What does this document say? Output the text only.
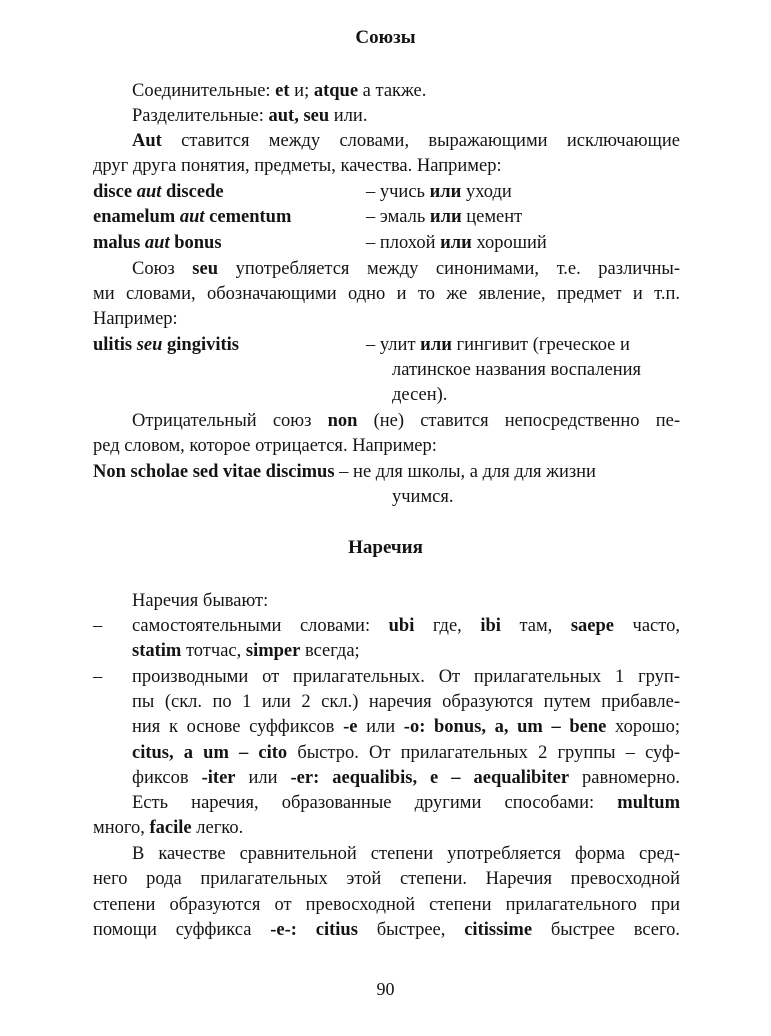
Союзы
Соединительные: et и; atque а также.
Разделительные: aut, seu или.
Aut ставится между словами, выражающими исключающие
друг друга понятия, предметы, качества. Например:
disce aut discede	– учись или уходи
enamelum aut cementum	– эмаль или цемент
malus aut bonus	– плохой или хороший
Союз seu употребляется между синонимами, т.е. различны-
ми словами, обозначающими одно и то же явление, предмет и т.п.
Например:
ulitis seu gingivitis	– улит или гингивит (греческое и
латинское названия воспаления
десен).
Отрицательный союз non (не) ставится непосредственно пе-
ред словом, которое отрицается. Например:
Non scholae sed vitae discimus – не для школы, а для для жизни
учимся.
Наречия
Наречия бывают:
– самостоятельными словами: ubi где, ibi там, saepe часто,
statim тотчас, simper всегда;
– производными от прилагательных. От прилагательных 1 груп-
пы (скл. по 1 или 2 скл.) наречия образуются путем прибавле-
ния к основе суффиксов -e или -o: bonus, a, um – bene хорошо;
citus, a um – cito быстро. От прилагательных 2 группы – суф-
фиксов -iter или -er: aequalibis, e – aequalibiter равномерно.
Есть наречия, образованные другими способами: multum
много, facile легко.
В качестве сравнительной степени употребляется форма сред-
него рода прилагательных этой степени. Наречия превосходной
степени образуются от превосходной степени прилагательного при
помощи суффикса -e-: citius быстрее, citissime быстрее всего.
90
